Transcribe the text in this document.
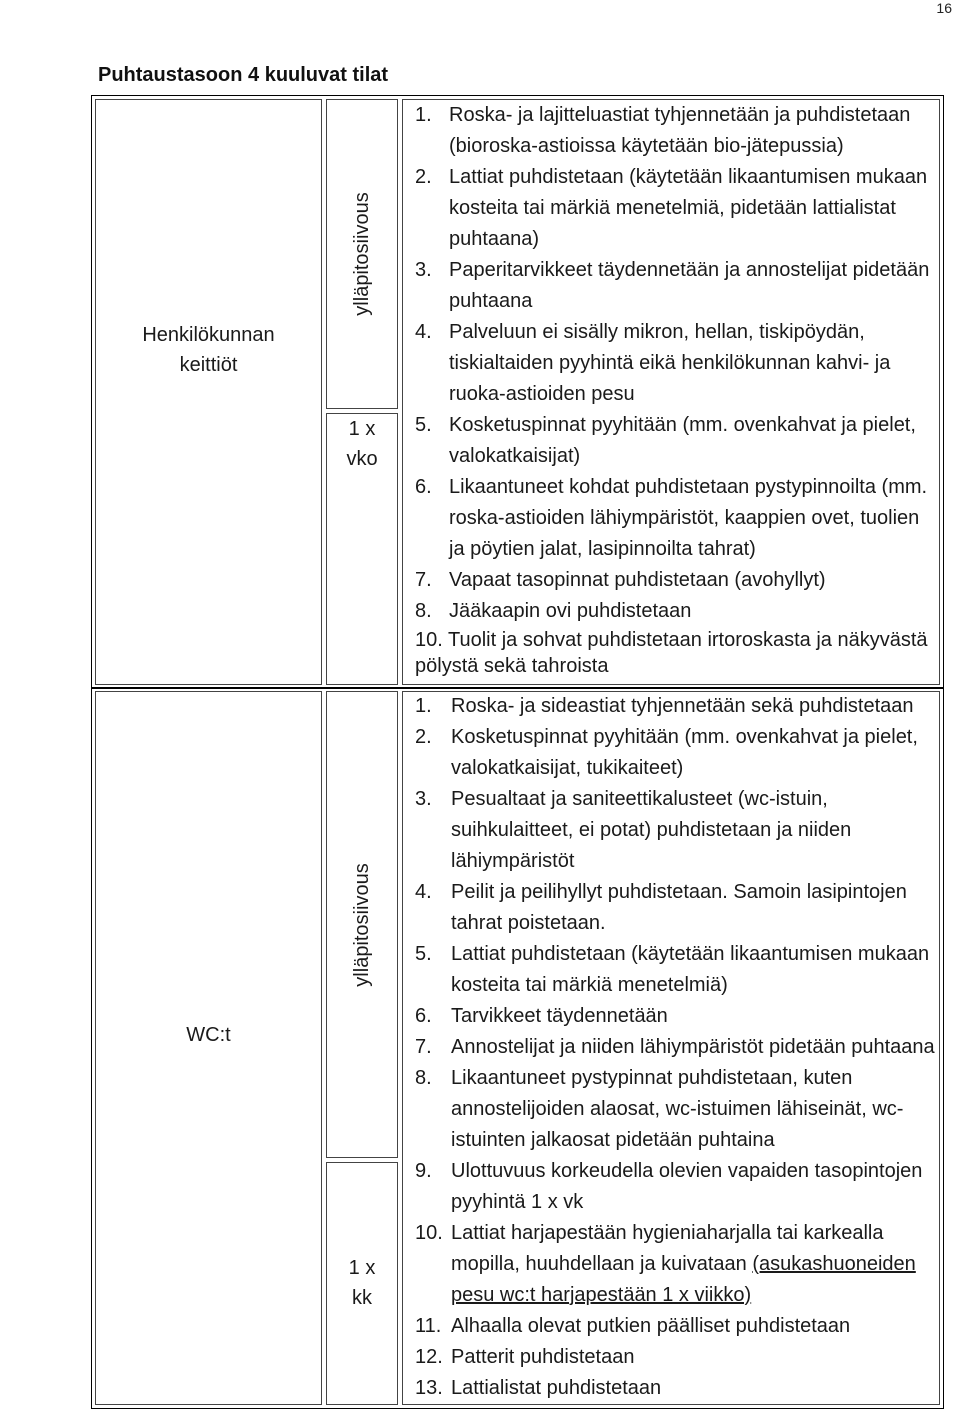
16
Puhtaustasoon 4 kuuluvat tilat
Henkilökunnan
keittiöt
ylläpitosiivous
1 x
vko
1. Roska- ja lajitteluastiat tyhjennetään ja puhdistetaan (bioroska-astioissa käytetään bio-jätepussia)
2. Lattiat puhdistetaan (käytetään likaantumisen mukaan kosteita tai märkiä menetelmiä, pidetään lattialistat puhtaana)
3. Paperitarvikkeet täydennetään ja annostelijat pidetään puhtaana
4. Palveluun ei sisälly mikron, hellan, tiskipöydän, tiskialtaiden pyyhintä eikä henkilökunnan kahvi- ja ruoka-astioiden pesu
5. Kosketuspinnat pyyhitään (mm. ovenkahvat ja pielet, valokatkaisijat)
6. Likaantuneet kohdat puhdistetaan pystypinnoilta (mm. roska-astioiden lähiympäristöt, kaappien ovet, tuolien ja pöytien jalat, lasipinnoilta tahrat)
7. Vapaat tasopinnat puhdistetaan (avohyllyt)
8. Jääkaapin ovi puhdistetaan
10. Tuolit ja sohvat puhdistetaan irtoroskasta ja näkyvästä pölystä sekä tahroista
WC:t
ylläpitosiivous
1 x
kk
1. Roska- ja sideastiat tyhjennetään sekä puhdistetaan
2. Kosketuspinnat pyyhitään (mm. ovenkahvat ja pielet, valokatkaisijat, tukikaiteet)
3. Pesualtaat ja saniteettikalusteet (wc-istuin, suihkulaitteet, ei potat) puhdistetaan ja niiden lähiympäristöt
4. Peilit ja peilihyllyt puhdistetaan. Samoin lasipintojen tahrat poistetaan.
5. Lattiat puhdistetaan (käytetään likaantumisen mukaan kosteita tai märkiä menetelmiä)
6. Tarvikkeet täydennetään
7. Annostelijat ja niiden lähiympäristöt pidetään puhtaana
8. Likaantuneet pystypinnat puhdistetaan, kuten annostelijoiden alaosat, wc-istuimen lähiseinät, wc-istuinten jalkaosat pidetään puhtaina
9. Ulottuvuus korkeudella olevien vapaiden tasopintojen pyyhintä 1 x vk
10. Lattiat harjapestään hygieniaharjalla tai karkealla mopilla, huuhdellaan ja kuivataan (asukashuoneiden pesu wc:t harjapestään 1 x viikko)
11. Alhaalla olevat putkien päälliset puhdistetaan
12. Patterit puhdistetaan
13. Lattialistat puhdistetaan
